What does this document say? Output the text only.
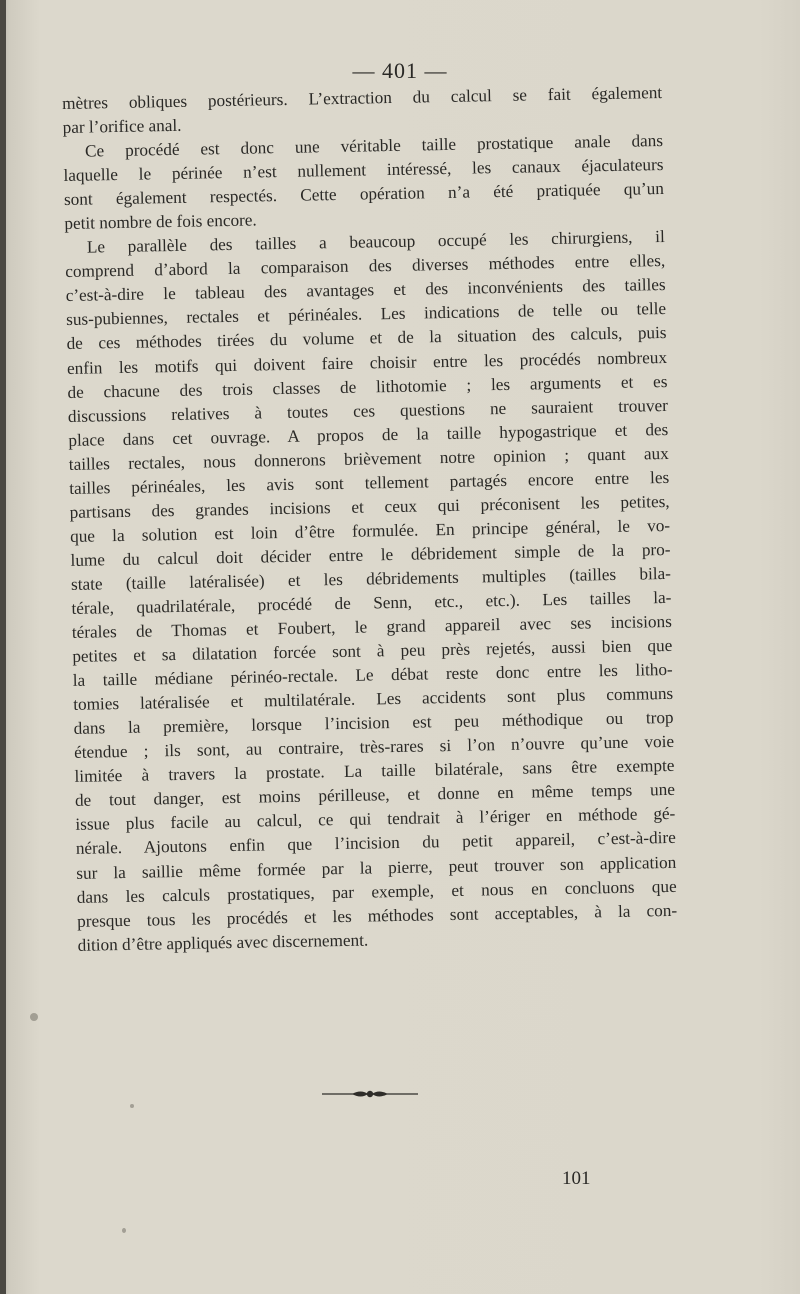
— 401 —

mètres obliques postérieurs. L’extraction du calcul se fait également
par l’orifice anal.

Ce procédé est donc une véritable taille prostatique anale dans
laquelle le périnée n’est nullement intéressé, les canaux éjaculateurs
sont également respectés. Cette opération n’a été pratiquée qu’un
petit nombre de fois encore.

Le parallèle des tailles a beaucoup occupé les chirurgiens, il
comprend d’abord la comparaison des diverses méthodes entre elles,
c’est-à-dire le tableau des avantages et des inconvénients des tailles
sus-pubiennes, rectales et périnéales. Les indications de telle ou telle
de ces méthodes tirées du volume et de la situation des calculs, puis
enfin les motifs qui doivent faire choisir entre les procédés nombreux
de chacune des trois classes de lithotomie ; les arguments et es
discussions relatives à toutes ces questions ne sauraient trouver
place dans cet ouvrage. A propos de la taille hypogastrique et des
tailles rectales, nous donnerons brièvement notre opinion ; quant aux
tailles périnéales, les avis sont tellement partagés encore entre les
partisans des grandes incisions et ceux qui préconisent les petites,
que la solution est loin d’être formulée. En principe général, le vo-
lume du calcul doit décider entre le débridement simple de la pro-
state (taille latéralisée) et les débridements multiples (tailles bila-
térale, quadrilatérale, procédé de Senn, etc., etc.). Les tailles la-
térales de Thomas et Foubert, le grand appareil avec ses incisions
petites et sa dilatation forcée sont à peu près rejetés, aussi bien que
la taille médiane périnéo-rectale. Le débat reste donc entre les litho-
tomies latéralisée et multilatérale. Les accidents sont plus communs
dans la première, lorsque l’incision est peu méthodique ou trop
étendue ; ils sont, au contraire, très-rares si l’on n’ouvre qu’une voie
limitée à travers la prostate. La taille bilatérale, sans être exempte
de tout danger, est moins périlleuse, et donne en même temps une
issue plus facile au calcul, ce qui tendrait à l’ériger en méthode gé-
nérale. Ajoutons enfin que l’incision du petit appareil, c’est-à-dire
sur la saillie même formée par la pierre, peut trouver son application
dans les calculs prostatiques, par exemple, et nous en concluons que
presque tous les procédés et les méthodes sont acceptables, à la con-
dition d’être appliqués avec discernement.

101
